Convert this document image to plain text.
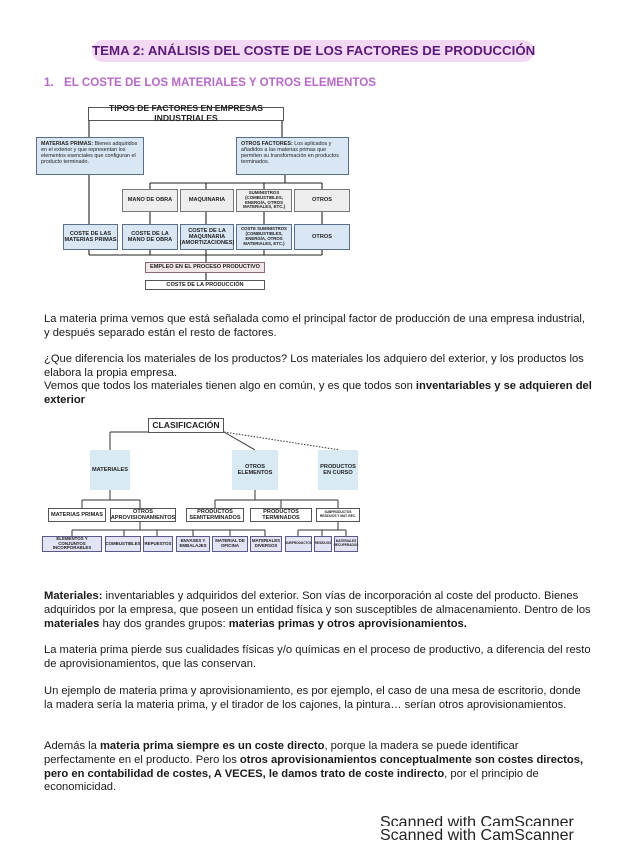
TEMA 2: ANÁLISIS DEL COSTE DE LOS FACTORES DE PRODUCCIÓN
1. EL COSTE DE LOS MATERIALES Y OTROS ELEMENTOS
TIPOS DE FACTORES EN EMPRESAS INDUSTRIALES
MATERIAS PRIMAS: Bienes adquiridos en el exterior y que representan los elementos esenciales que configuran el producto terminado.
OTROS FACTORES: Los aplicados y añadidos a las materias primas que permiten su transformación en productos terminados.
MANO DE OBRA	MAQUINARIA
SUMINISTROS (COMBUSTIBLES, ENERGÍA, OTROS MATERIALES, ETC.)
OTROS
COSTE DE LAS MATERIAS PRIMAS
COSTE DE LA MANO DE OBRA
COSTE DE LA MAQUINARIA (AMORTIZACIONES)
COSTE SUMINISTROS (COMBUSTIBLES, ENERGÍA, OTROS MATERIALES, ETC.)
OTROS
EMPLEO EN EL PROCESO PRODUCTIVO
COSTE DE LA PRODUCCIÓN
La materia prima vemos que está señalada como el principal factor de producción de una empresa industrial, y después separado están el resto de factores.
¿Que diferencia los materiales de los productos? Los materiales los adquiero del exterior, y los productos los elabora la propia empresa.
Vemos que todos los materiales tienen algo en común, y es que todos son inventariables y se adquieren del exterior
CLASIFICACIÓN
MATERIALES
OTROS ELEMENTOS
PRODUCTOS EN CURSO
MATERIAS PRIMAS
OTROS APROVISIONAMIENTOS
PRODUCTOS SEMITERMINADOS
PRODUCTOS TERMINADOS
SUBPRODUCTOS RESIDUOS Y MAT. REC.
ELEMENTOS Y CONJUNTOS INCORPORABLES
COMBUSTIBLES REPUESTOS	ENVASES Y EMBALAJES
MATERIAL DE OFICINA
MATERIALES DIVERSOS	SUBPRODUCTOS RESIDUOS	MATERIALES RECUPERADOS
Materiales: inventariables y adquiridos del exterior. Son vías de incorporación al coste del producto. Bienes adquiridos por la empresa, que poseen un entidad física y son susceptibles de almacenamiento. Dentro de los materiales hay dos grandes grupos: materias primas y otros aprovisionamientos.
La materia prima pierde sus cualidades físicas y/o químicas en el proceso de productivo, a diferencia del resto de aprovisionamientos, que las conservan.
Un ejemplo de materia prima y aprovisionamiento, es por ejemplo, el caso de una mesa de escritorio, donde la madera sería la materia prima, y el tirador de los cajones, la pintura… serían otros aprovisionamientos.
Además la materia prima siempre es un coste directo, porque la madera se puede identificar perfectamente en el producto. Pero los otros aprovisionamientos conceptualmente son costes directos, pero en contabilidad de costes, A VECES, le damos trato de coste indirecto, por el principio de economicidad.
Scanned with CamScanner
Scanned with CamScanner
